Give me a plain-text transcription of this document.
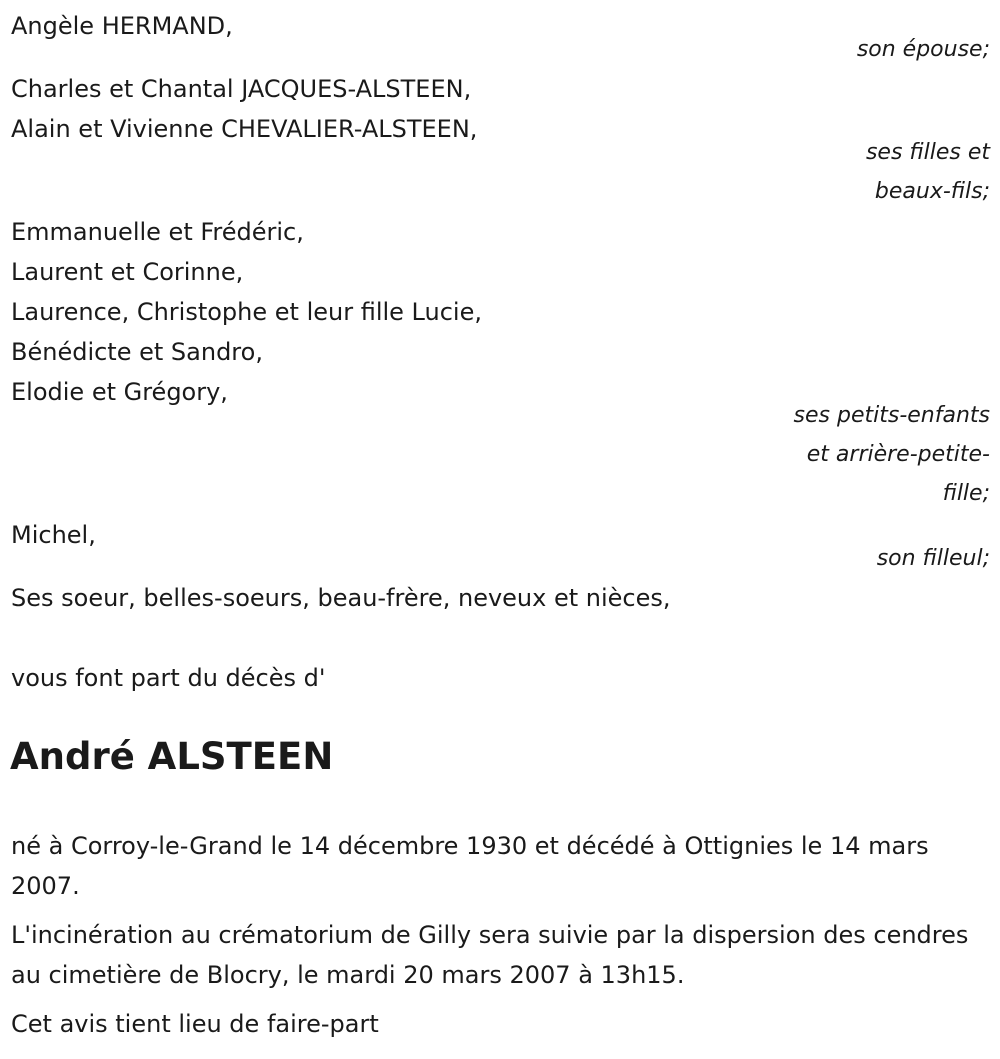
Angèle HERMAND,
son épouse;
Charles et Chantal JACQUES-ALSTEEN,
Alain et Vivienne CHEVALIER-ALSTEEN,
ses filles et
beaux-fils;
Emmanuelle et Frédéric,
Laurent et Corinne,
Laurence, Christophe et leur fille Lucie,
Bénédicte et Sandro,
Elodie et Grégory,
ses petits-enfants
et arrière-petite-
fille;
Michel,
son filleul;
Ses soeur, belles-soeurs, beau-frère, neveux et nièces,
vous font part du décès d'
André ALSTEEN
né à Corroy-le-Grand le 14 décembre 1930 et décédé à Ottignies le 14 mars 2007.
L'incinération au crématorium de Gilly sera suivie par la dispersion des cendres au cimetière de Blocry, le mardi 20 mars 2007 à 13h15.
Cet avis tient lieu de faire-part
